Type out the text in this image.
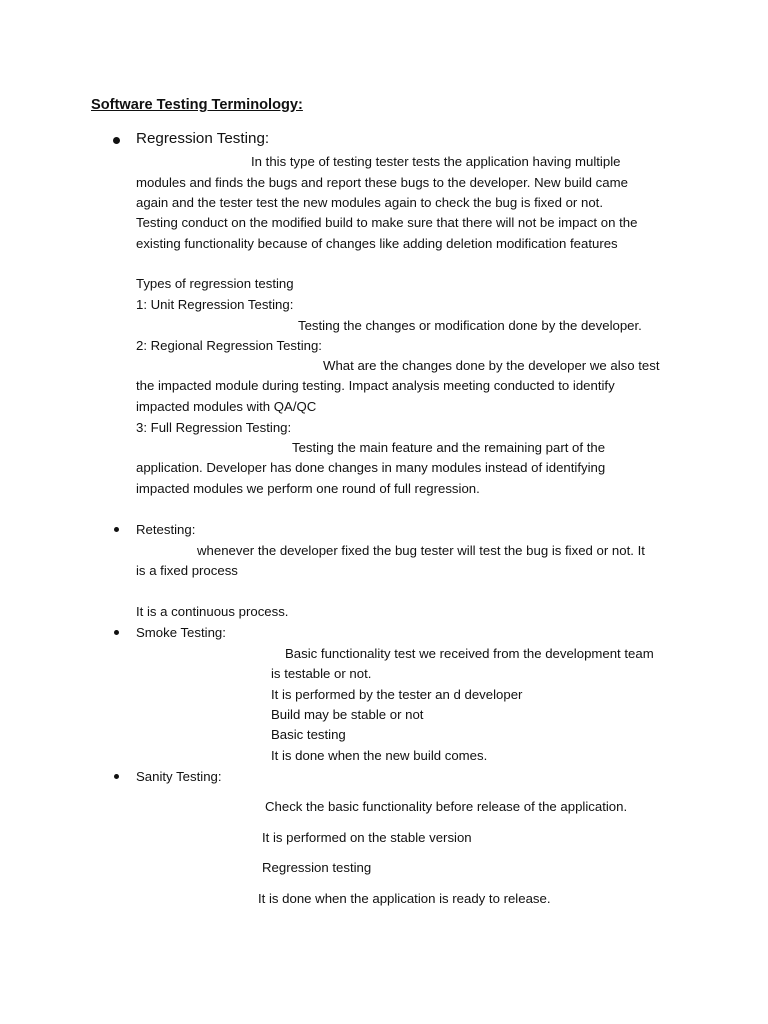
Software Testing Terminology:
Regression Testing:
In this type of testing tester tests the application having multiple
modules and finds the bugs and report these bugs to the developer. New build came
again and the tester test the new modules again to check the bug is fixed or not.
Testing conduct on the modified build to make sure that there will not be impact on the
existing functionality because of changes like adding deletion modification features
Types of regression testing
1: Unit Regression Testing:
Testing the changes or modification done by the developer.
2: Regional Regression Testing:
What are the changes done by the developer we also test
the impacted module during testing. Impact analysis meeting conducted to identify
impacted modules with QA/QC
3: Full Regression Testing:
Testing the main feature and the remaining part of the
application. Developer has done changes in many modules instead of identifying
impacted modules we perform one round of full regression.
Retesting:
whenever the developer fixed the bug tester will test the bug is fixed or not. It
is a fixed process
It is a continuous process.
Smoke Testing:
Basic functionality test we received from the development team
is testable or not.
It is performed by the tester an d developer
Build may be stable or not
Basic testing
It is done when the new build comes.
Sanity Testing:
Check the basic functionality before release of the application.
It is performed on the stable version
Regression testing
It is done when the application is ready to release.
